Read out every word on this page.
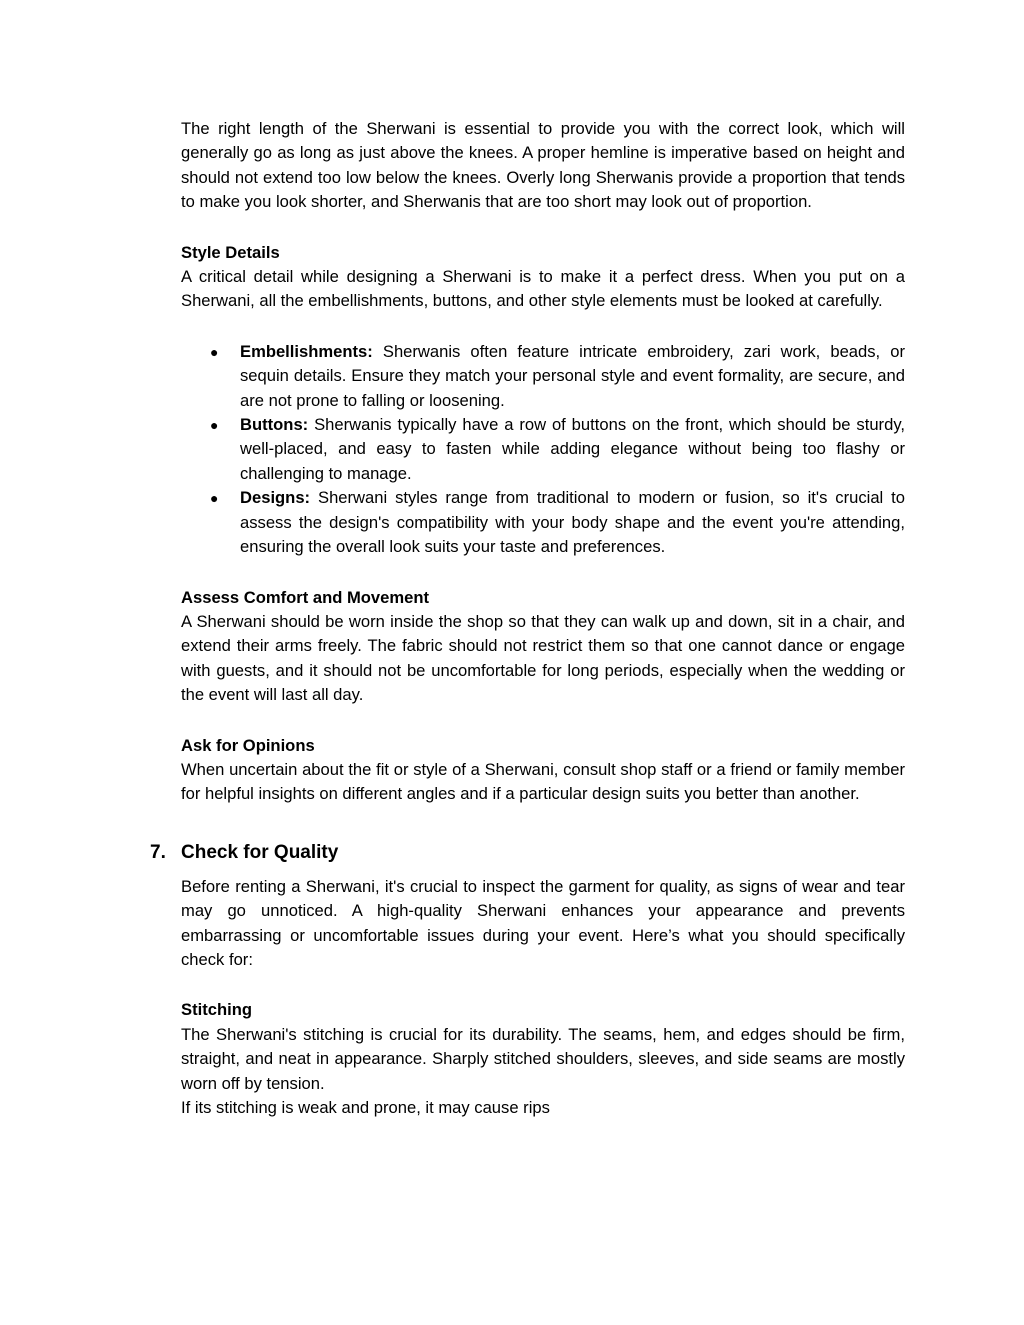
The right length of the Sherwani is essential to provide you with the correct look, which will generally go as long as just above the knees. A proper hemline is imperative based on height and should not extend too low below the knees. Overly long Sherwanis provide a proportion that tends to make you look shorter, and Sherwanis that are too short may look out of proportion.

Style Details

A critical detail while designing a Sherwani is to make it a perfect dress. When you put on a Sherwani, all the embellishments, buttons, and other style elements must be looked at carefully.

● Embellishments: Sherwanis often feature intricate embroidery, zari work, beads, or sequin details. Ensure they match your personal style and event formality, are secure, and are not prone to falling or loosening.
● Buttons: Sherwanis typically have a row of buttons on the front, which should be sturdy, well-placed, and easy to fasten while adding elegance without being too flashy or challenging to manage.
● Designs: Sherwani styles range from traditional to modern or fusion, so it's crucial to assess the design's compatibility with your body shape and the event you're attending, ensuring the overall look suits your taste and preferences.
Assess Comfort and Movement

A Sherwani should be worn inside the shop so that they can walk up and down, sit in a chair, and extend their arms freely. The fabric should not restrict them so that one cannot dance or engage with guests, and it should not be uncomfortable for long periods, especially when the wedding or the event will last all day.

Ask for Opinions

When uncertain about the fit or style of a Sherwani, consult shop staff or a friend or family member for helpful insights on different angles and if a particular design suits you better than another.

7. Check for Quality

Before renting a Sherwani, it's crucial to inspect the garment for quality, as signs of wear and tear may go unnoticed. A high-quality Sherwani enhances your appearance and prevents embarrassing or uncomfortable issues during your event. Here’s what you should specifically check for:

Stitching

The Sherwani's stitching is crucial for its durability. The seams, hem, and edges should be firm, straight, and neat in appearance. Sharply stitched shoulders, sleeves, and side seams are mostly worn off by tension.

If its stitching is weak and prone, it may cause rips
